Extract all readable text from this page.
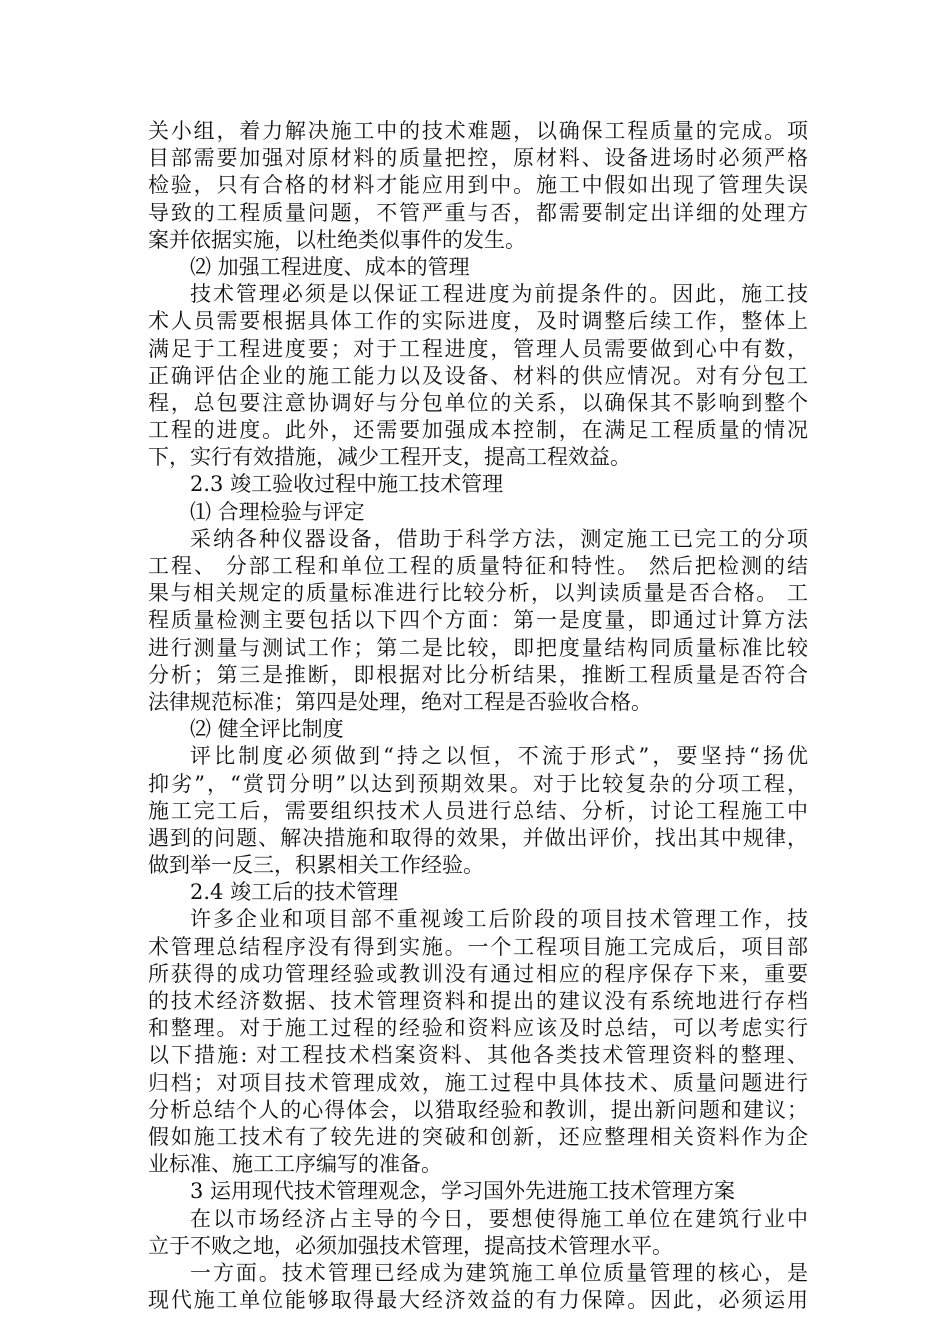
关小组，着力解决施工中的技术难题，以确保工程质量的完成。项
目部需要加强对原材料的质量把控，原材料、设备进场时必须严格
检验，只有合格的材料才能应用到中。施工中假如出现了管理失误
导致的工程质量问题，不管严重与否，都需要制定出详细的处理方
案并依据实施，以杜绝类似事件的发生。
⑵ 加强工程进度、成本的管理
技术管理必须是以保证工程进度为前提条件的。因此，施工技
术人员需要根据具体工作的实际进度，及时调整后续工作，整体上
满足于工程进度要；对于工程进度，管理人员需要做到心中有数，
正确评估企业的施工能力以及设备、材料的供应情况。对有分包工
程，总包要注意协调好与分包单位的关系，以确保其不影响到整个
工程的进度。此外，还需要加强成本控制，在满足工程质量的情况
下，实行有效措施，减少工程开支，提高工程效益。
2.3 竣工验收过程中施工技术管理
⑴ 合理检验与评定
采纳各种仪器设备，借助于科学方法，测定施工已完工的分项
工程、 分部工程和单位工程的质量特征和特性。 然后把检测的结
果与相关规定的质量标准进行比较分析，以判读质量是否合格。 工
程质量检测主要包括以下四个方面：第一是度量，即通过计算方法
进行测量与测试工作；第二是比较，即把度量结构同质量标准比较
分析；第三是推断，即根据对比分析结果，推断工程质量是否符合
法律规范标准；第四是处理，绝对工程是否验收合格。
⑵ 健全评比制度
评比制度必须做到“持之以恒，不流于形式”，要坚持“扬优
抑劣”，“赏罚分明”以达到预期效果。对于比较复杂的分项工程，
施工完工后，需要组织技术人员进行总结、分析，讨论工程施工中
遇到的问题、解决措施和取得的效果，并做出评价，找出其中规律，
做到举一反三，积累相关工作经验。
2.4 竣工后的技术管理
许多企业和项目部不重视竣工后阶段的项目技术管理工作，技
术管理总结程序没有得到实施。一个工程项目施工完成后，项目部
所获得的成功管理经验或教训没有通过相应的程序保存下来，重要
的技术经济数据、技术管理资料和提出的建议没有系统地进行存档
和整理。对于施工过程的经验和资料应该及时总结，可以考虑实行
以下措施: 对工程技术档案资料、其他各类技术管理资料的整理、
归档；对项目技术管理成效，施工过程中具体技术、质量问题进行
分析总结个人的心得体会，以猎取经验和教训，提出新问题和建议；
假如施工技术有了较先进的突破和创新，还应整理相关资料作为企
业标准、施工工序编写的准备。
3 运用现代技术管理观念，学习国外先进施工技术管理方案
在以市场经济占主导的今日，要想使得施工单位在建筑行业中
立于不败之地，必须加强技术管理，提高技术管理水平。
一方面。技术管理已经成为建筑施工单位质量管理的核心，是
现代施工单位能够取得最大经济效益的有力保障。因此，必须运用
